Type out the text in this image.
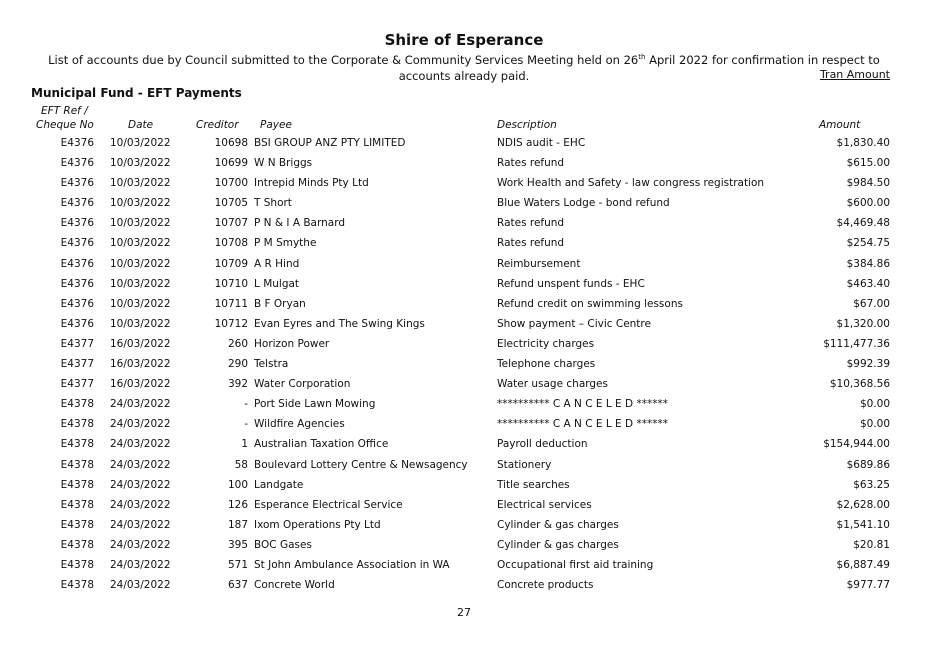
Shire of Esperance
List of accounts due by Council submitted to the Corporate & Community Services Meeting held on 26th April 2022 for confirmation in respect to accounts already paid.	Tran Amount
Municipal Fund - EFT Payments
EFT Ref /
Cheque No	Date	Creditor Payee	Description	Amount
E4376 10/03/2022	10698 BSI GROUP ANZ PTY LIMITED	NDIS audit - EHC	$1,830.40
E4376 10/03/2022	10699 W N Briggs	Rates refund	$615.00
E4376 10/03/2022	10700 Intrepid Minds Pty Ltd	Work Health and Safety - law congress registration	$984.50
E4376 10/03/2022	10705 T Short	Blue Waters Lodge - bond refund	$600.00
E4376 10/03/2022	10707 P N & I A Barnard	Rates refund	$4,469.48
E4376 10/03/2022	10708 P M Smythe	Rates refund	$254.75
E4376 10/03/2022	10709 A R Hind	Reimbursement	$384.86
E4376 10/03/2022	10710 L Mulgat	Refund unspent funds - EHC	$463.40
E4376 10/03/2022	10711 B F Oryan	Refund credit on swimming lessons	$67.00
E4376 10/03/2022	10712 Evan Eyres and The Swing Kings	Show payment – Civic Centre	$1,320.00
E4377 16/03/2022	260 Horizon Power	Electricity charges	$111,477.36
E4377 16/03/2022	290 Telstra	Telephone charges	$992.39
E4377 16/03/2022	392 Water Corporation	Water usage charges	$10,368.56
E4378 24/03/2022	- Port Side Lawn Mowing	********** C A N C E L E D ******	$0.00
E4378 24/03/2022	- Wildfire Agencies	********** C A N C E L E D ******	$0.00
E4378 24/03/2022	1 Australian Taxation Office	Payroll deduction	$154,944.00
E4378 24/03/2022	58 Boulevard Lottery Centre & Newsagency	Stationery	$689.86
E4378 24/03/2022	100 Landgate	Title searches	$63.25
E4378 24/03/2022	126 Esperance Electrical Service	Electrical services	$2,628.00
E4378 24/03/2022	187 Ixom Operations Pty Ltd	Cylinder & gas charges	$1,541.10
E4378 24/03/2022	395 BOC Gases	Cylinder & gas charges	$20.81
E4378 24/03/2022	571 St John Ambulance Association in WA	Occupational first aid training	$6,887.49
E4378 24/03/2022	637 Concrete World	Concrete products	$977.77
27
